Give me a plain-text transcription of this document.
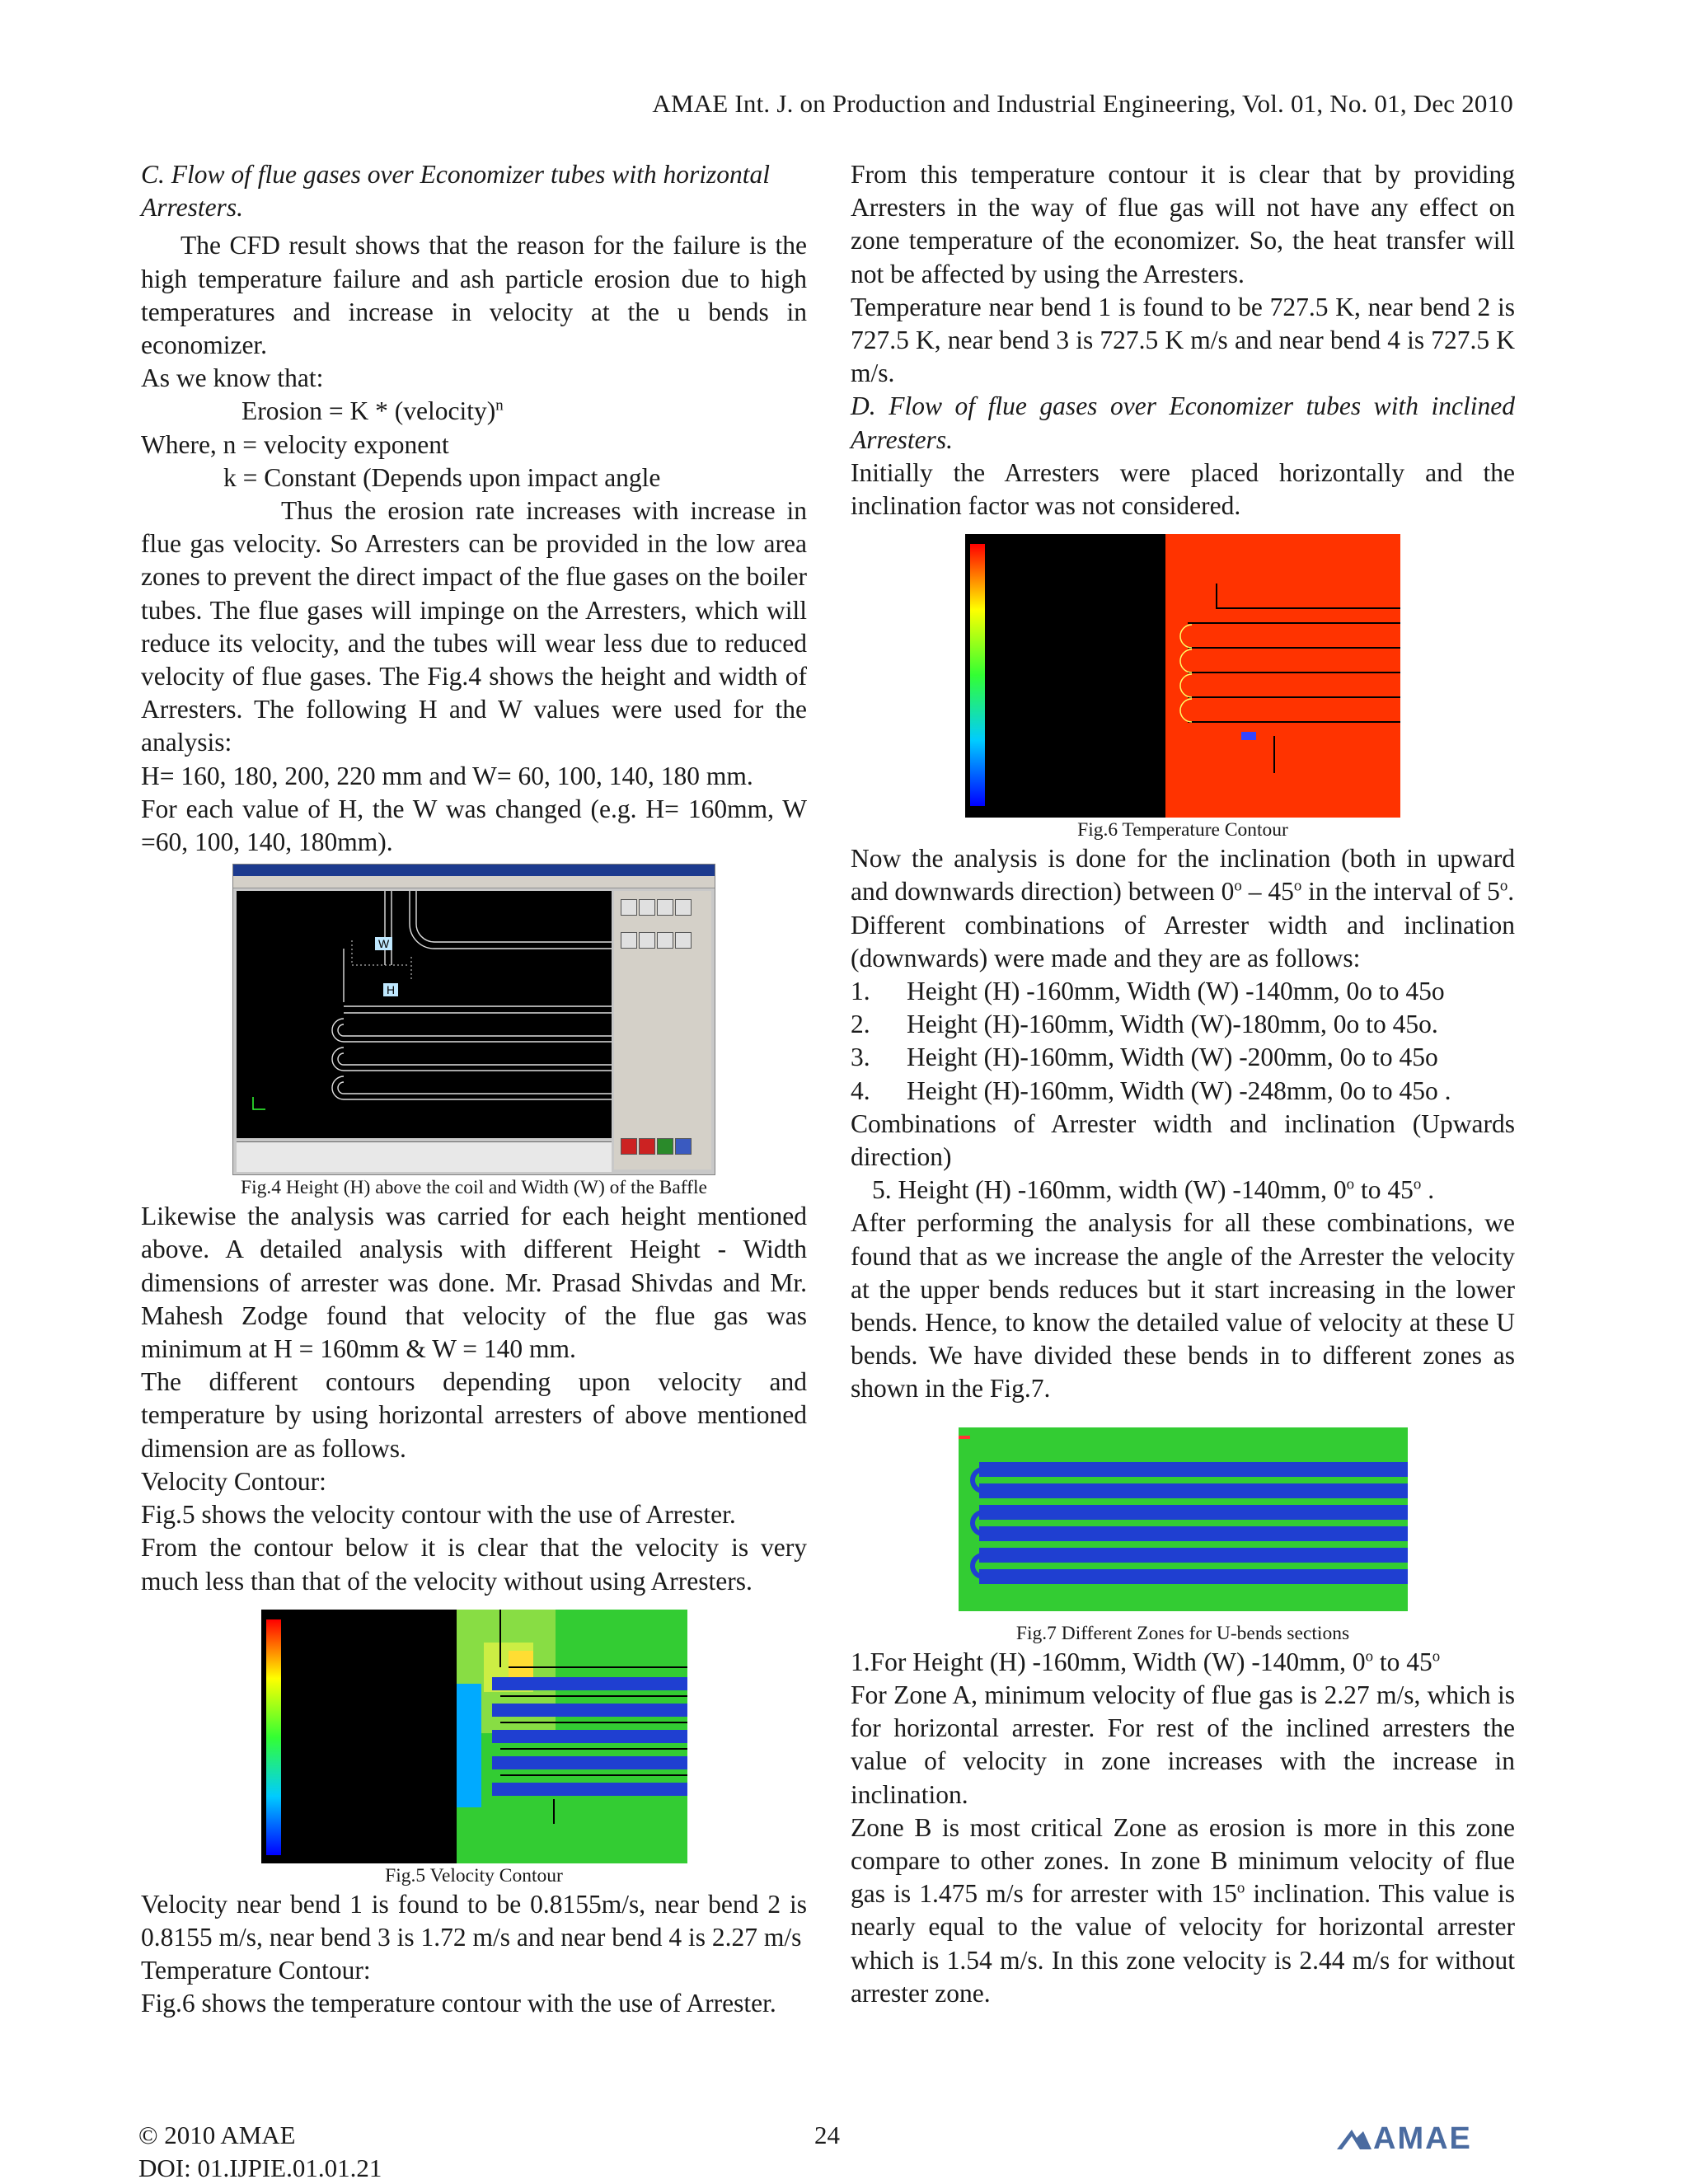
AMAE Int. J. on Production and Industrial Engineering, Vol. 01, No. 01, Dec 2010

C. Flow of flue gases over Economizer tubes with horizontal Arresters.

The CFD result shows that the reason for the failure is the high temperature failure and ash particle erosion due to high temperatures and increase in velocity at the u bends in economizer.

As we know that:

Erosion = K * (velocity)$^n$

Where, n = velocity exponent

k = Constant (Depends upon impact angle

Thus the erosion rate increases with increase in flue gas velocity. So Arresters can be provided in the low area zones to prevent the direct impact of the flue gases on the boiler tubes. The flue gases will impinge on the Arresters, which will reduce its velocity, and the tubes will wear less due to reduced velocity of flue gases. The Fig.4 shows the height and width of Arresters. The following H and W values were used for the analysis:

H= 160, 180, 200, 220 mm and W= 60, 100, 140, 180 mm.

For each value of H, the W was changed (e.g. H= 160mm, W =60, 100, 140, 180mm).

W
H

Fig.4 Height (H) above the coil and Width (W) of the Baffle

Likewise the analysis was carried for each height mentioned above. A detailed analysis with different Height - Width dimensions of arrester was done. Mr. Prasad Shivdas and Mr. Mahesh Zodge found that velocity of the flue gas was minimum at H = 160mm & W = 140 mm.

The different contours depending upon velocity and temperature by using horizontal arresters of above mentioned dimension are as follows.

Velocity Contour:

Fig.5 shows the velocity contour with the use of Arrester.

From the contour below it is clear that the velocity is very much less than that of the velocity without using Arresters.

Fig.5 Velocity Contour

Velocity near bend 1 is found to be 0.8155m/s, near bend 2 is 0.8155 m/s, near bend 3 is 1.72 m/s and near bend 4 is 2.27 m/s

Temperature Contour:

Fig.6 shows the temperature contour with the use of Arrester.

From this temperature contour it is clear that by providing Arresters in the way of flue gas will not have any effect on zone temperature of the economizer. So, the heat transfer will not be affected by using the Arresters.

Temperature near bend 1 is found to be 727.5 K, near bend 2 is 727.5 K, near bend 3 is 727.5 K m/s and near bend 4 is 727.5 K m/s.

D. Flow of flue gases over Economizer tubes with inclined Arresters.

Initially the Arresters were placed horizontally and the inclination factor was not considered.

Fig.6 Temperature Contour

Now the analysis is done for the inclination (both in upward and downwards direction) between 0$^o$ – 45$^o$ in the interval of 5$^o$.

Different combinations of Arrester width and inclination (downwards) were made and they are as follows:

1.	Height (H) -160mm, Width (W) -140mm, 0o to 45o
2.	Height (H)-160mm, Width (W)-180mm, 0o to 45o.
3.	Height (H)-160mm, Width (W) -200mm, 0o to 45o
4.	Height (H)-160mm, Width (W) -248mm, 0o to 45o .

Combinations of Arrester width and inclination (Upwards direction)

5. Height (H) -160mm, width (W) -140mm, 0$^o$ to 45$^o$ .

After performing the analysis for all these combinations, we found that as we increase the angle of the Arrester the velocity at the upper bends reduces but it start increasing in the lower bends. Hence, to know the detailed value of velocity at these U bends. We have divided these bends in to different zones as shown in the Fig.7.

Fig.7 Different Zones for U-bends sections

1.For Height (H) -160mm, Width (W) -140mm, 0$^o$ to 45$^o$

For Zone A, minimum velocity of flue gas is 2.27 m/s, which is for horizontal arrester. For rest of the inclined arresters the value of velocity in zone increases with the increase in inclination.

Zone B is most critical Zone as erosion is more in this zone compare to other zones. In zone B minimum velocity of flue gas is 1.475 m/s for arrester with 15$^o$ inclination. This value is nearly equal to the value of velocity for horizontal arrester which is 1.54 m/s. In this zone velocity is 2.44 m/s for without arrester zone.

© 2010 AMAE
DOI: 01.IJPIE.01.01.21
24	AMAE
